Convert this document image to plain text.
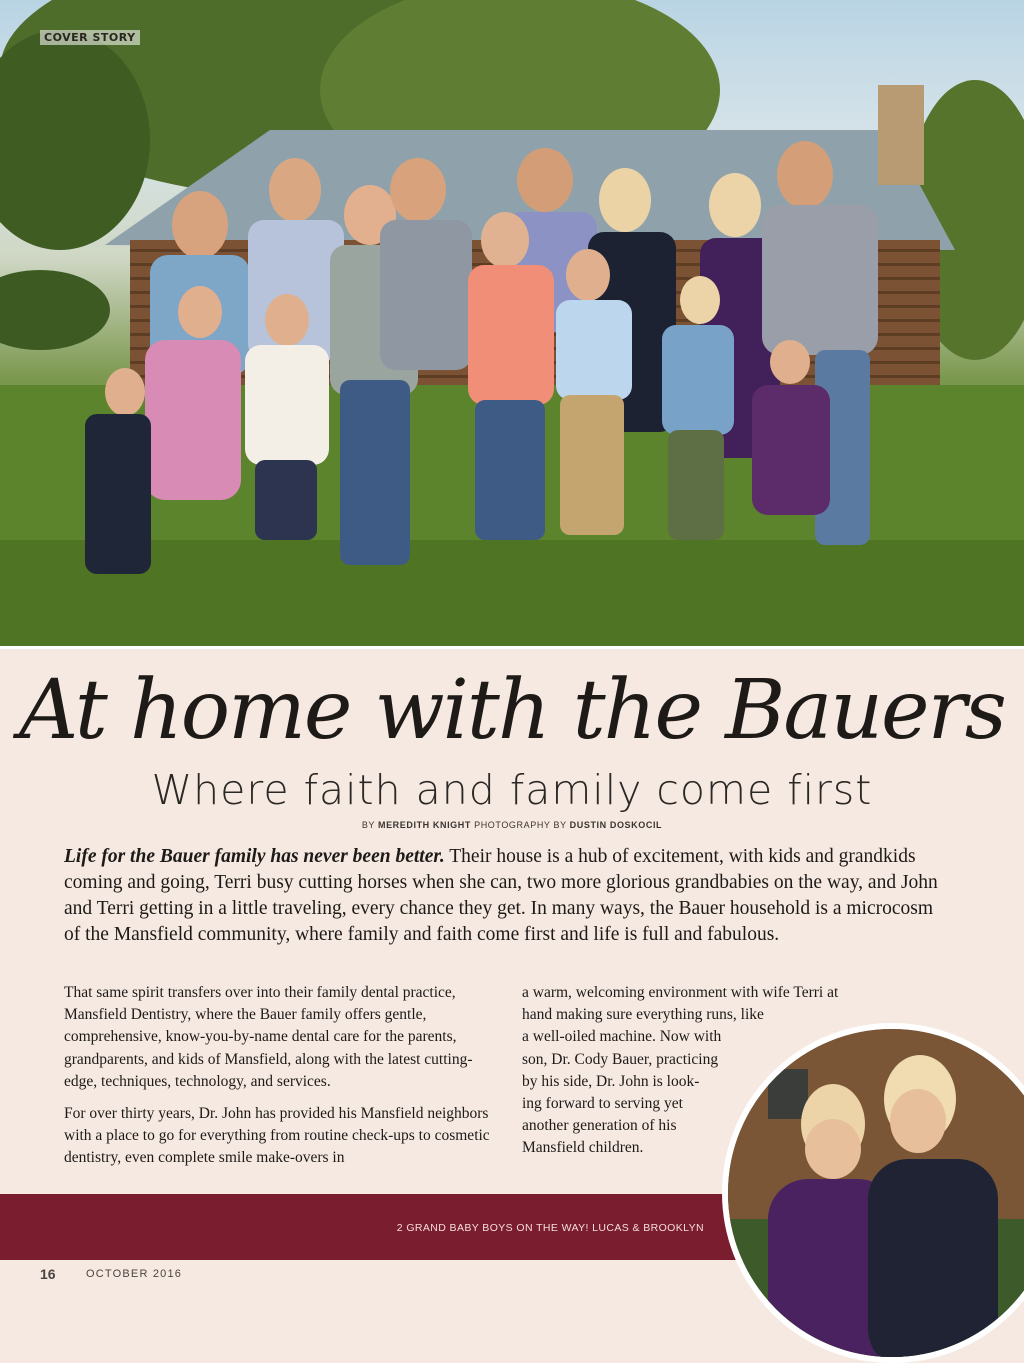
COVER STORY
At home with the Bauers
Where faith and family come first
BY MEREDITH KNIGHT PHOTOGRAPHY BY DUSTIN DOSKOCIL

Life for the Bauer family has never been better. Their house is a hub of excitement, with kids and grandkids coming and going, Terri busy cutting horses when she can, two more glorious grandbabies on the way, and John and Terri getting in a little traveling, every chance they get. In many ways, the Bauer household is a microcosm of the Mansfield community, where family and faith come first and life is full and fabulous.

That same spirit transfers over into their family dental practice, Mansfield Dentistry, where the Bauer family offers gentle, comprehensive, know-you-by-name dental care for the parents, grandparents, and kids of Mansfield, along with the latest cutting-edge, techniques, technology, and services.

For over thirty years, Dr. John has provided his Mansfield neighbors with a place to go for everything from routine check-ups to cosmetic dentistry, even complete smile make-overs in

a warm, welcoming environment with wife Terri at
hand making sure everything runs, like
a well-oiled machine. Now with
son, Dr. Cody Bauer, practicing
by his side, Dr. John is look-
ing forward to serving yet
another generation of his
Mansfield children.
2 GRAND BABY BOYS ON THE WAY! LUCAS & BROOKLYN
16	OCTOBER 2016
